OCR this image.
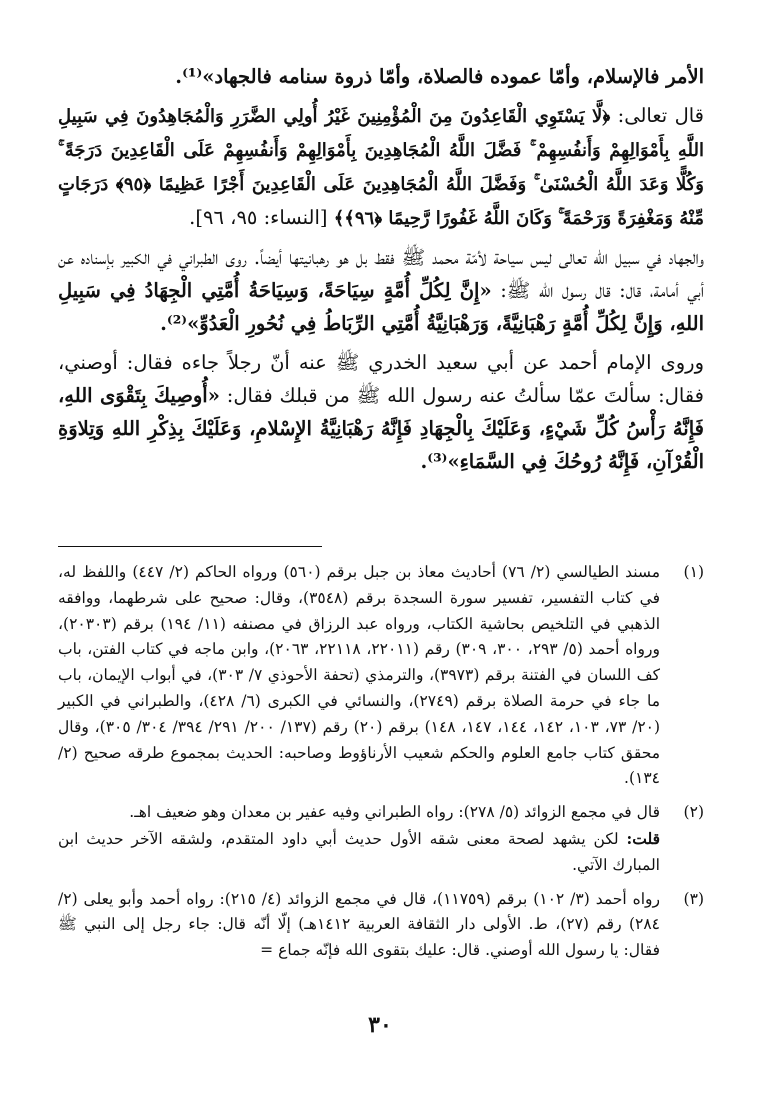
الأمر فالإسلام، وأمّا عموده فالصلاة، وأمّا ذروة سنامه فالجهاد»⁽¹⁾.

قال تعالى: ﴿لَّا يَسْتَوِي الْقَاعِدُونَ مِنَ الْمُؤْمِنِينَ غَيْرُ أُولِي الضَّرَرِ وَالْمُجَاهِدُونَ فِي سَبِيلِ اللَّهِ بِأَمْوَالِهِمْ وَأَنفُسِهِمْ ۚ فَضَّلَ اللَّهُ الْمُجَاهِدِينَ بِأَمْوَالِهِمْ وَأَنفُسِهِمْ عَلَى الْقَاعِدِينَ دَرَجَةً ۚ وَكُلًّا وَعَدَ اللَّهُ الْحُسْنَىٰ ۚ وَفَضَّلَ اللَّهُ الْمُجَاهِدِينَ عَلَى الْقَاعِدِينَ أَجْرًا عَظِيمًا ﴿٩٥﴾ دَرَجَاتٍ مِّنْهُ وَمَغْفِرَةً وَرَحْمَةً ۚ وَكَانَ اللَّهُ غَفُورًا رَّحِيمًا ﴿٩٦﴾﴾ [النساء: ٩٥، ٩٦].

والجهاد في سبيل الله تعالى ليس سياحة لأمّة محمد ﷺ فقط بل هو رهبانيتها أيضاً. روى الطبراني في الكبير بإسناده عن أبي أمامة، قال: قال رسول الله ﷺ: «إِنَّ لِكُلِّ أُمَّةٍ سِيَاحَةً، وَسِيَاحَةُ أُمَّتِي الْجِهَادُ فِي سَبِيلِ اللهِ، وَإِنَّ لِكُلِّ أُمَّةٍ رَهْبَانِيَّةً، وَرَهْبَانِيَّةُ أُمَّتِي الرِّبَاطُ فِي نُحُورِ الْعَدُوِّ»⁽²⁾.

وروى الإمام أحمد عن أبي سعيد الخدري ﷺ عنه أنّ رجلاً جاءه فقال: أوصني، فقال: سألتَ عمّا سألتُ عنه رسول الله ﷺ من قبلك فقال: «أُوصِيكَ بِتَقْوَى اللهِ، فَإِنَّهُ رَأْسُ كُلِّ شَيْءٍ، وَعَلَيْكَ بِالْجِهَادِ فَإِنَّهُ رَهْبَانِيَّةُ الإِسْلامِ، وَعَلَيْكَ بِذِكْرِ اللهِ وَتِلاوَةِ الْقُرْآنِ، فَإِنَّهُ رُوحُكَ فِي السَّمَاءِ»⁽³⁾.

(١)
مسند الطيالسي (٢/ ٧٦) أحاديث معاذ بن جبل برقم (٥٦٠) ورواه الحاكم (٢/ ٤٤٧) واللفظ له، في كتاب التفسير، تفسير سورة السجدة برقم (٣٥٤٨)، وقال: صحيح على شرطهما، ووافقه الذهبي في التلخيص بحاشية الكتاب، ورواه عبد الرزاق في مصنفه (١١/ ١٩٤) برقم (٢٠٣٠٣)، ورواه أحمد (٥/ ٢٩٣، ٣٠٠، ٣٠٩) رقم (٢٢٠١١، ٢٢١١٨، ٢٠٦٣)، وابن ماجه في كتاب الفتن، باب كف اللسان في الفتنة برقم (٣٩٧٣)، والترمذي (تحفة الأحوذي ٧/ ٣٠٣)، في أبواب الإيمان، باب ما جاء في حرمة الصلاة برقم (٢٧٤٩)، والنسائي في الكبرى (٦/ ٤٢٨)، والطبراني في الكبير (٢٠/ ٧٣، ١٠٣، ١٤٢، ١٤٤، ١٤٧، ١٤٨) برقم (٢٠) رقم (١٣٧/ ٢٠٠/ ٢٩١/ ٣٩٤/ ٣٠٤/ ٣٠٥)، وقال محقق كتاب جامع العلوم والحكم شعيب الأرناؤوط وصاحبه: الحديث بمجموع طرقه صحيح (٢/ ١٣٤).
(٢)

قال في مجمع الزوائد (٥/ ٢٧٨): رواه الطبراني وفيه عفير بن معدان وهو ضعيف اهـ.

قلت: لكن يشهد لصحة معنى شقه الأول حديث أبي داود المتقدم، ولشقه الآخر حديث ابن المبارك الآتي.

(٣)
رواه أحمد (٣/ ١٠٢) برقم (١١٧٥٩)، قال في مجمع الزوائد (٤/ ٢١٥): رواه أحمد وأبو يعلى (٢/ ٢٨٤) رقم (٢٧)، ط. الأولى دار الثقافة العربية ١٤١٢هـ) إلّا أنّه قال: جاء رجل إلى النبي ﷺ فقال: يا رسول الله أوصني. قال: عليك بتقوى الله فإنّه جماع =
٣٠
